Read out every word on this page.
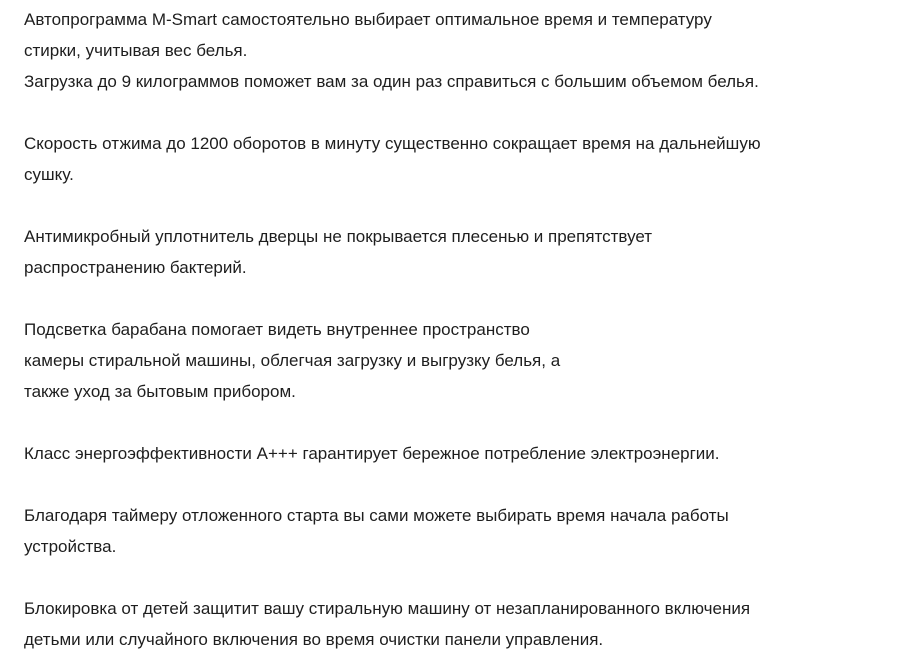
Автопрограмма M-Smart самостоятельно выбирает оптимальное время и температуру
стирки, учитывая вес белья.
Загрузка до 9 килограммов поможет вам за один раз справиться с большим объемом белья.

Скорость отжима до 1200 оборотов в минуту существенно сокращает время на дальнейшую
сушку.

Антимикробный уплотнитель дверцы не покрывается плесенью и препятствует
распространению бактерий.

Подсветка барабана помогает видеть внутреннее пространство
камеры стиральной машины, облегчая загрузку и выгрузку белья, а
также уход за бытовым прибором.

Класс энергоэффективности А+++ гарантирует бережное потребление электроэнергии.

Благодаря таймеру отложенного старта вы сами можете выбирать время начала работы
устройства.

Блокировка от детей защитит вашу стиральную машину от незапланированного включения
детьми или случайного включения во время очистки панели управления.
